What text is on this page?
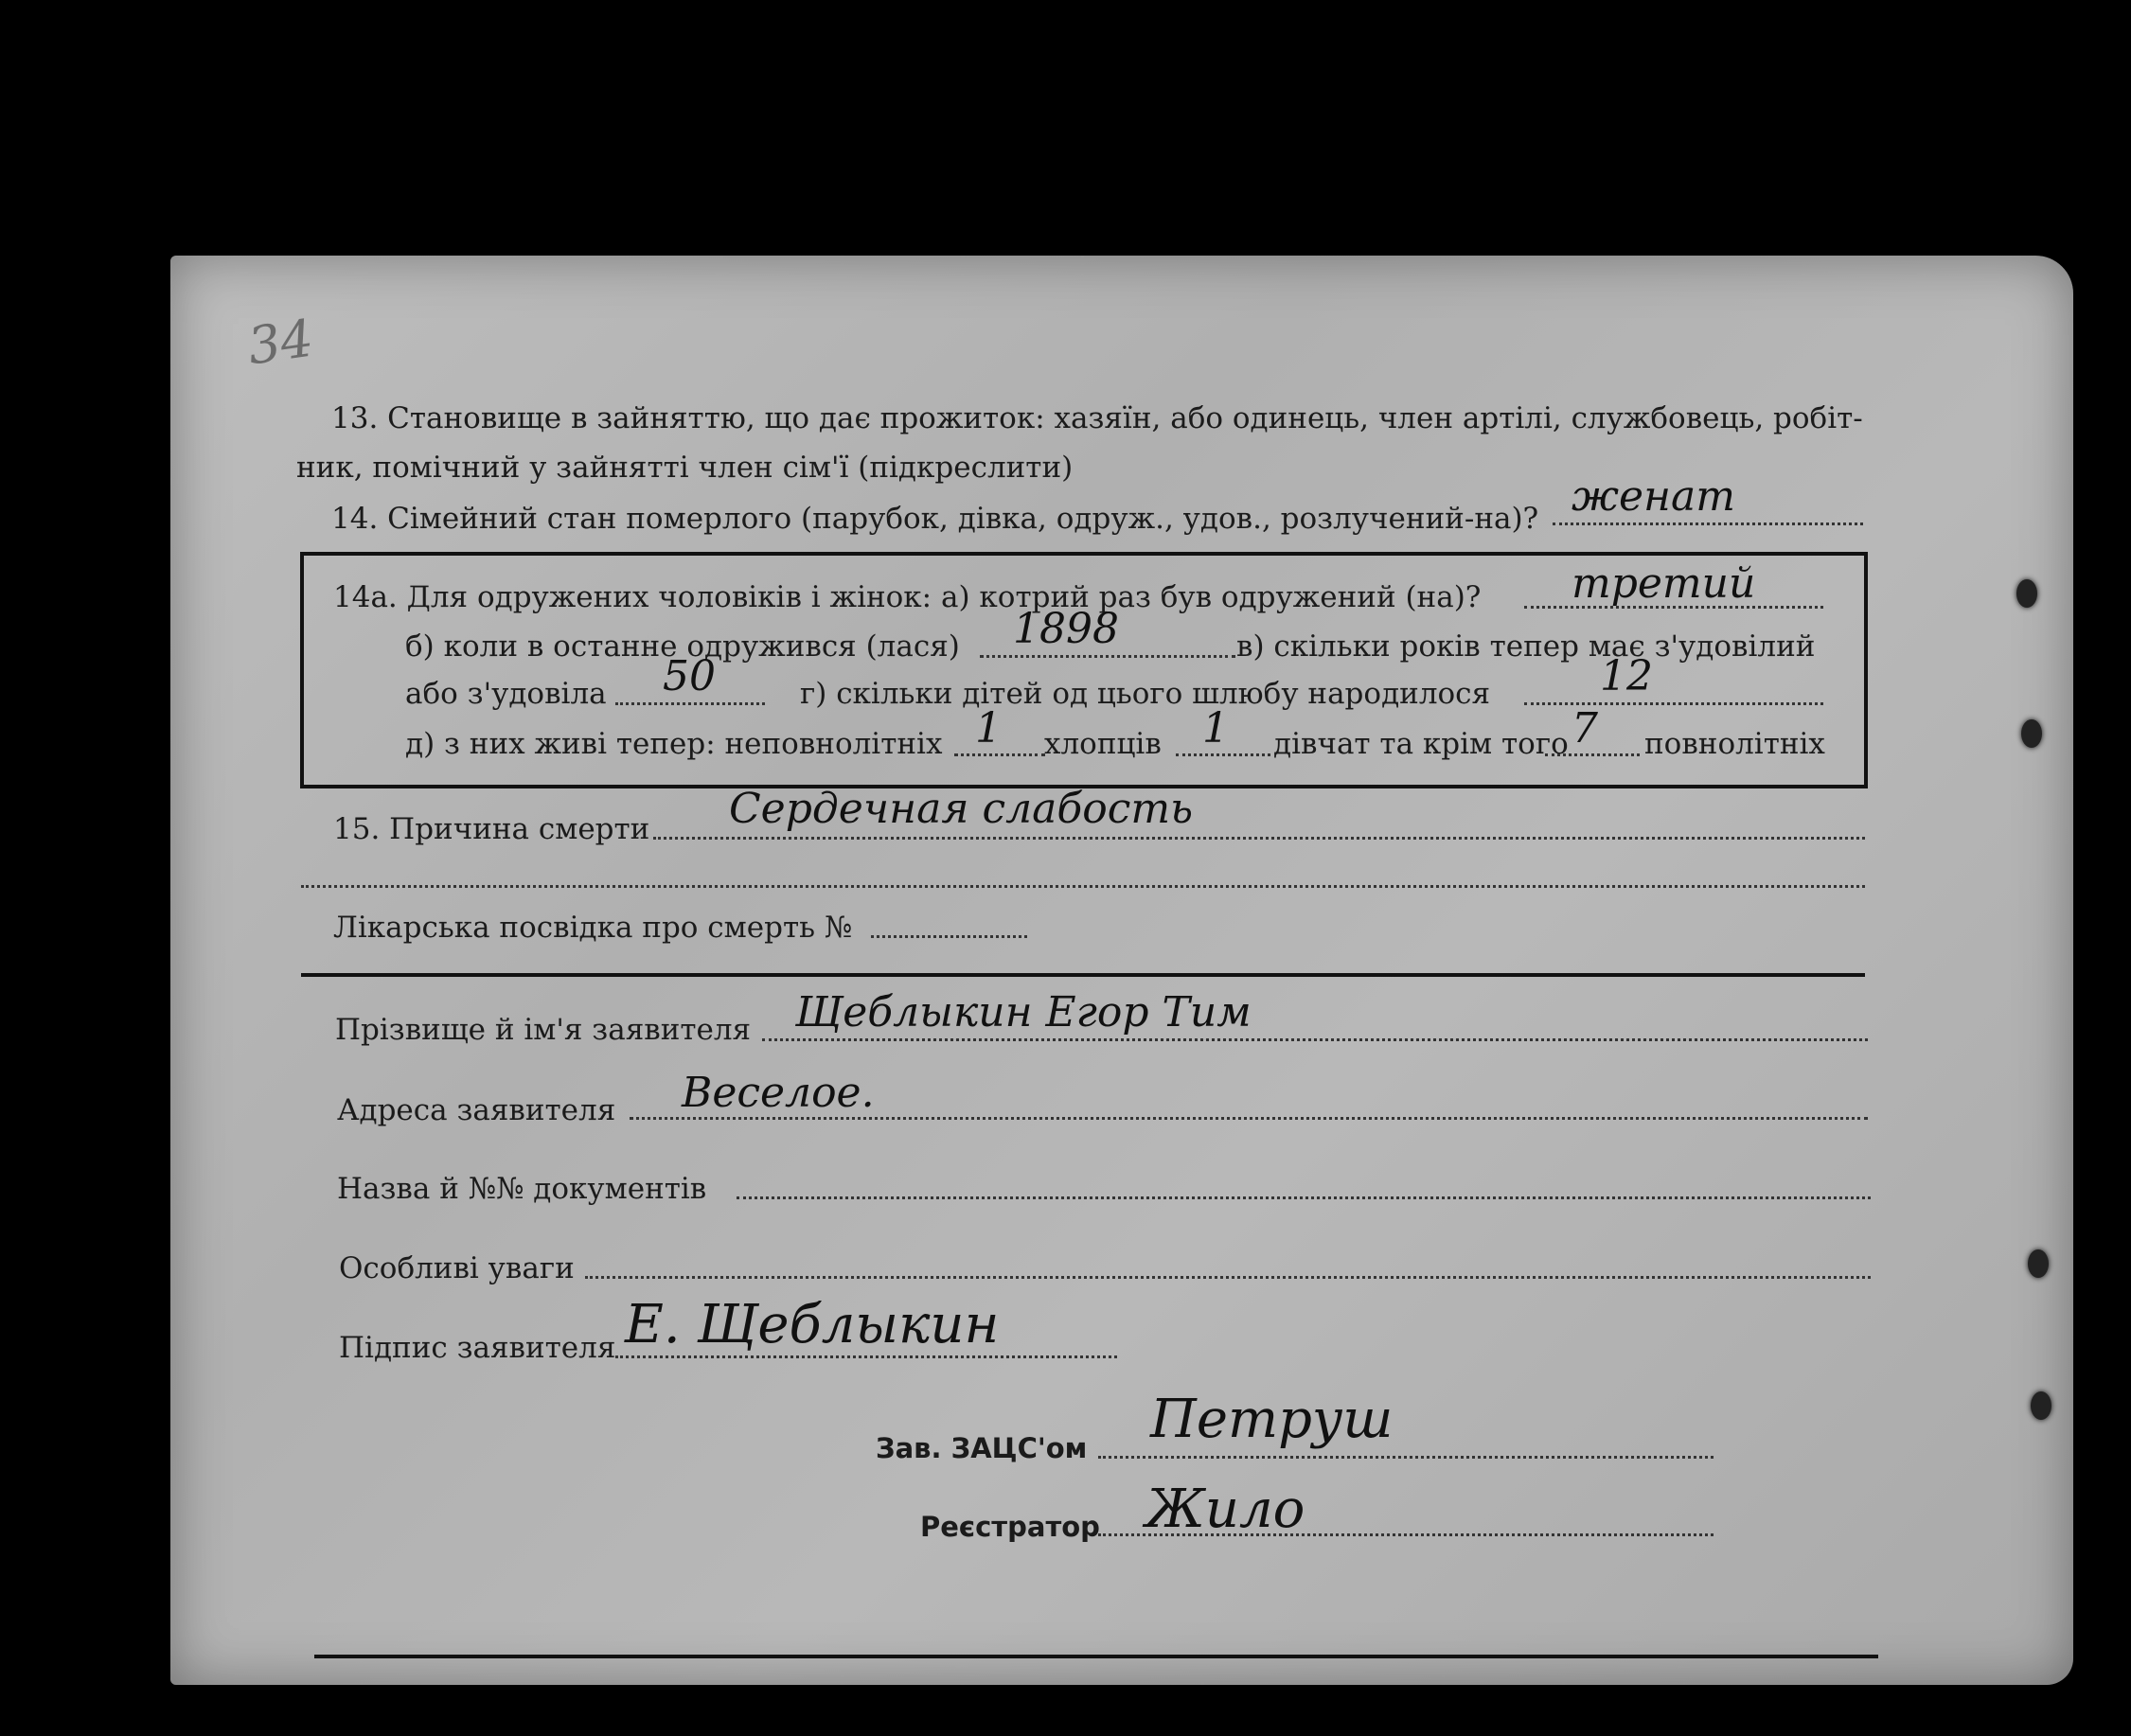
34
13. Становище в зайняттю, що дає прожиток: хазяїн, або одинець, член артілі, службовець, робіт-
ник, помічний у зайнятті член сім'ї (підкреслити)
14. Сімейний стан померлого (парубок, дівка, одруж., удов., розлучений-на)? женат
14а. Для одружених чоловіків і жінок: а) котрий раз був одружений (на)? третий
б) коли в останне одружився (лася) 1898	в) скільки років тепер має з'удовілий
або з'удовіла 50	г) скільки дітей од цього шлюбу народилося	12
д) з них живі тепер: неповнолітніх 1 хлопців 1 дівчат та крім того 7 повнолітніх
15. Причина смерти Сердечная слабость
Лікарська посвідка про смерть №
Прізвище й ім'я заявителя Щеблыкин Егор Тим
Адреса заявителя Веселое.
Назва й №№ документів
Особливі уваги
Підпис заявителя Е. Щеблыкин
Зав. ЗАЦС'ом Петруш
Реєстратор Жило
